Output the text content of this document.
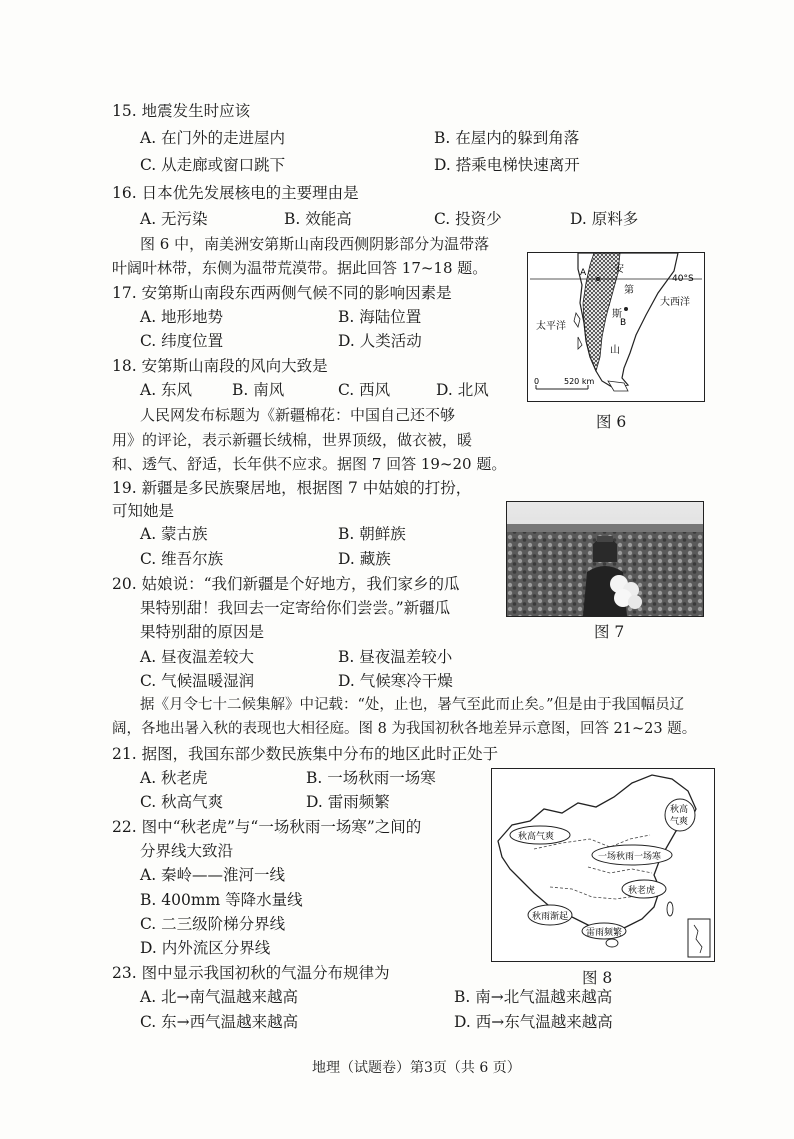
15. 地震发生时应该
A. 在门外的走进屋内	B. 在屋内的躲到角落
C. 从走廊或窗口跳下	D. 搭乘电梯快速离开
16. 日本优先发展核电的主要理由是
A. 无污染	B. 效能高	C. 投资少	D. 原料多
图 6 中，南美洲安第斯山南段西侧阴影部分为温带落
叶阔叶林带，东侧为温带荒漠带。据此回答 17~18 题。
17. 安第斯山南段东西两侧气候不同的影响因素是
A. 地形地势	B. 海陆位置
C. 纬度位置	D. 人类活动
18. 安第斯山南段的风向大致是
A. 东风	B. 南风	C. 西风	D. 北风
A
40°S
B
安
第
斯
山
太平洋
大西洋
0	520 km
图 6
人民网发布标题为《新疆棉花：中国自己还不够
用》的评论，表示新疆长绒棉，世界顶级，做衣被，暖
和、透气、舒适，长年供不应求。据图 7 回答 19~20 题。
19. 新疆是多民族聚居地，根据图 7 中姑娘的打扮，
可知她是
A. 蒙古族	B. 朝鲜族
C. 维吾尔族	D. 藏族
图 7
20. 姑娘说：“我们新疆是个好地方，我们家乡的瓜
果特别甜！我回去一定寄给你们尝尝。”新疆瓜
果特别甜的原因是
A. 昼夜温差较大	B. 昼夜温差较小
C. 气候温暖湿润	D. 气候寒冷干燥
据《月令七十二候集解》中记载：“处，止也，暑气至此而止矣。”但是由于我国幅员辽
阔，各地出暑入秋的表现也大相径庭。图 8 为我国初秋各地差异示意图，回答 21~23 题。
21. 据图，我国东部少数民族集中分布的地区此时正处于
A. 秋老虎	B. 一场秋雨一场寒
C. 秋高气爽	D. 雷雨频繁
22. 图中“秋老虎”与“一场秋雨一场寒”之间的
分界线大致沿
A. 秦岭——淮河一线
B. 400mm 等降水量线
C. 二三级阶梯分界线
D. 内外流区分界线
秋高气爽
秋高
气爽
一场秋雨一场寒
秋老虎
秋雨渐起
雷雨频繁
图 8
23. 图中显示我国初秋的气温分布规律为
A. 北→南气温越来越高	B. 南→北气温越来越高
C. 东→西气温越来越高	D. 西→东气温越来越高
地理（试题卷）第3页（共 6 页）
